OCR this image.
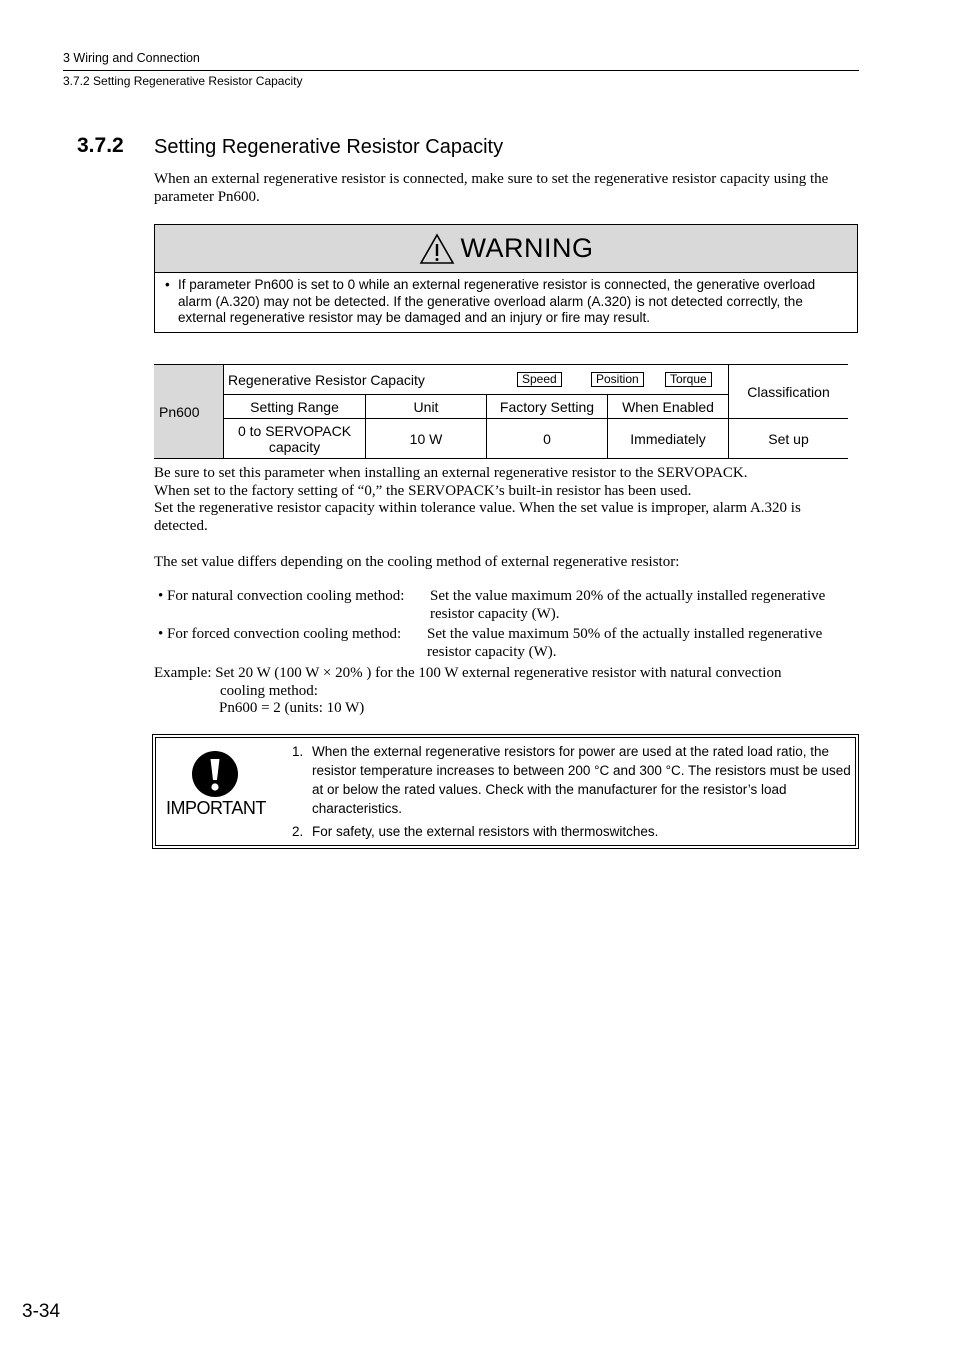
3 Wiring and Connection
3.7.2 Setting Regenerative Resistor Capacity
3.7.2 Setting Regenerative Resistor Capacity
When an external regenerative resistor is connected, make sure to set the regenerative resistor capacity using the parameter Pn600.
WARNING
• If parameter Pn600 is set to 0 while an external regenerative resistor is connected, the generative overload alarm (A.320) may not be detected. If the generative overload alarm (A.320) is not detected correctly, the external regenerative resistor may be damaged and an injury or fire may result.
Pn600	Regenerative Resistor Capacity Speed Position Torque				Classification
	Setting Range	Unit	Factory Setting	When Enabled	
	0 to SERVOPACK capacity	10 W	0	Immediately	Set up
Be sure to set this parameter when installing an external regenerative resistor to the SERVOPACK.
When set to the factory setting of “0,” the SERVOPACK’s built-in resistor has been used.
Set the regenerative resistor capacity within tolerance value. When the set value is improper, alarm A.320 is detected.
The set value differs depending on the cooling method of external regenerative resistor:
• For natural convection cooling method: Set the value maximum 20% of the actually installed regenerative
resistor capacity (W).
• For forced convection cooling method: Set the value maximum 50% of the actually installed regenerative
resistor capacity (W).
Example: Set 20 W (100 W × 20% ) for the 100 W external regenerative resistor with natural convection
cooling method:
Pn600 = 2 (units: 10 W)
IMPORTANT
1. When the external regenerative resistors for power are used at the rated load ratio, the resistor temperature increases to between 200 °C and 300 °C. The resistors must be used at or below the rated values. Check with the manufacturer for the resistor’s load characteristics.
2. For safety, use the external resistors with thermoswitches.
3-34
